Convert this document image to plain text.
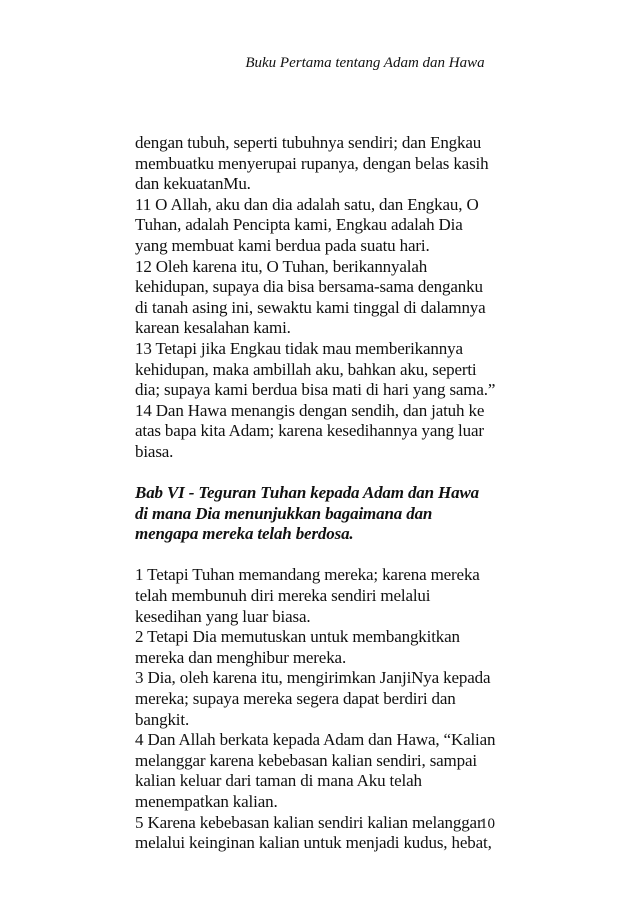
Buku Pertama tentang Adam dan Hawa
dengan tubuh, seperti tubuhnya sendiri; dan Engkau
membuatku menyerupai rupanya, dengan belas kasih
dan kekuatanMu.
11 O Allah, aku dan dia adalah satu, dan Engkau, O
Tuhan, adalah Pencipta kami, Engkau adalah Dia
yang membuat kami berdua pada suatu hari.
12 Oleh karena itu, O Tuhan, berikannyalah
kehidupan, supaya dia bisa bersama-sama denganku
di tanah asing ini, sewaktu kami tinggal di dalamnya
karean kesalahan kami.
13 Tetapi jika Engkau tidak mau memberikannya
kehidupan, maka ambillah aku, bahkan aku, seperti
dia; supaya kami berdua bisa mati di hari yang sama.”
14 Dan Hawa menangis dengan sendih, dan jatuh ke
atas bapa kita Adam; karena kesedihannya yang luar
biasa.
Bab VI - Teguran Tuhan kepada Adam dan Hawa
di mana Dia menunjukkan bagaimana dan
mengapa mereka telah berdosa.
1 Tetapi Tuhan memandang mereka; karena mereka
telah membunuh diri mereka sendiri melalui
kesedihan yang luar biasa.
2 Tetapi Dia memutuskan untuk membangkitkan
mereka dan menghibur mereka.
3 Dia, oleh karena itu, mengirimkan JanjiNya kepada
mereka; supaya mereka segera dapat berdiri dan
bangkit.
4 Dan Allah berkata kepada Adam dan Hawa, “Kalian
melanggar karena kebebasan kalian sendiri, sampai
kalian keluar dari taman di mana Aku telah
menempatkan kalian.
5 Karena kebebasan kalian sendiri kalian melanggar
melalui keinginan kalian untuk menjadi kudus, hebat,
10
